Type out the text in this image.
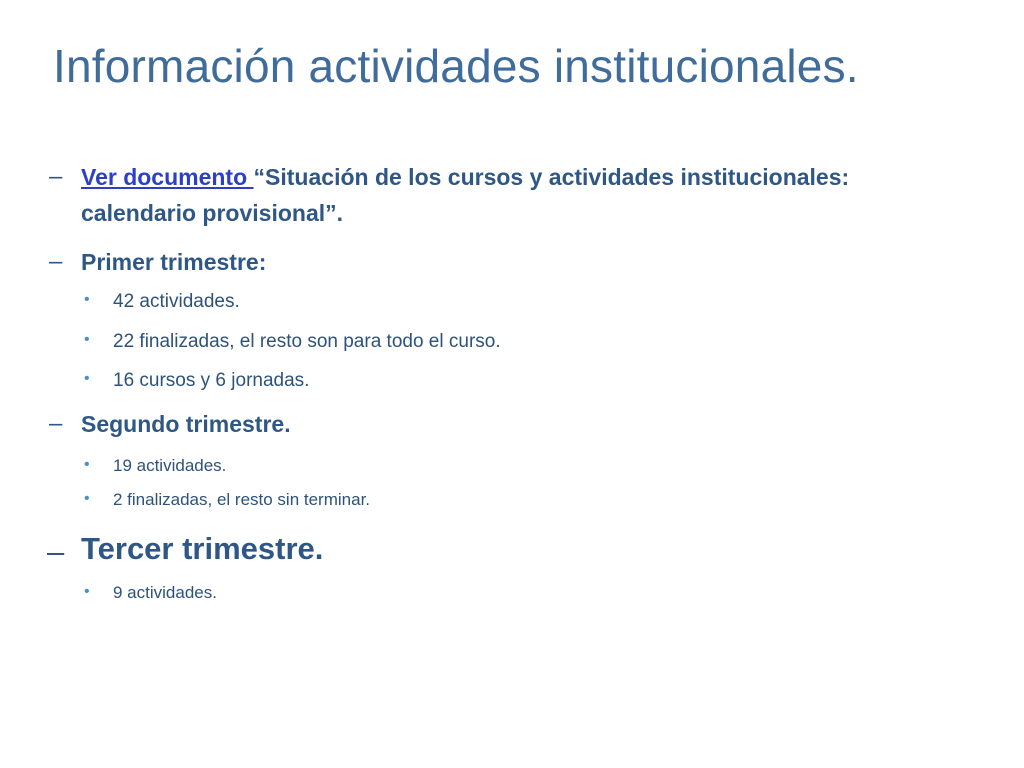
Información actividades institucionales.
– Ver documento “Situación de los cursos y actividades institucionales:
calendario provisional”.
– Primer trimestre:
• 42 actividades.
• 22 finalizadas, el resto son para todo el curso.
• 16 cursos y 6 jornadas.
– Segundo trimestre.
• 19 actividades.
• 2 finalizadas, el resto sin terminar.
– Tercer trimestre.
• 9 actividades.
